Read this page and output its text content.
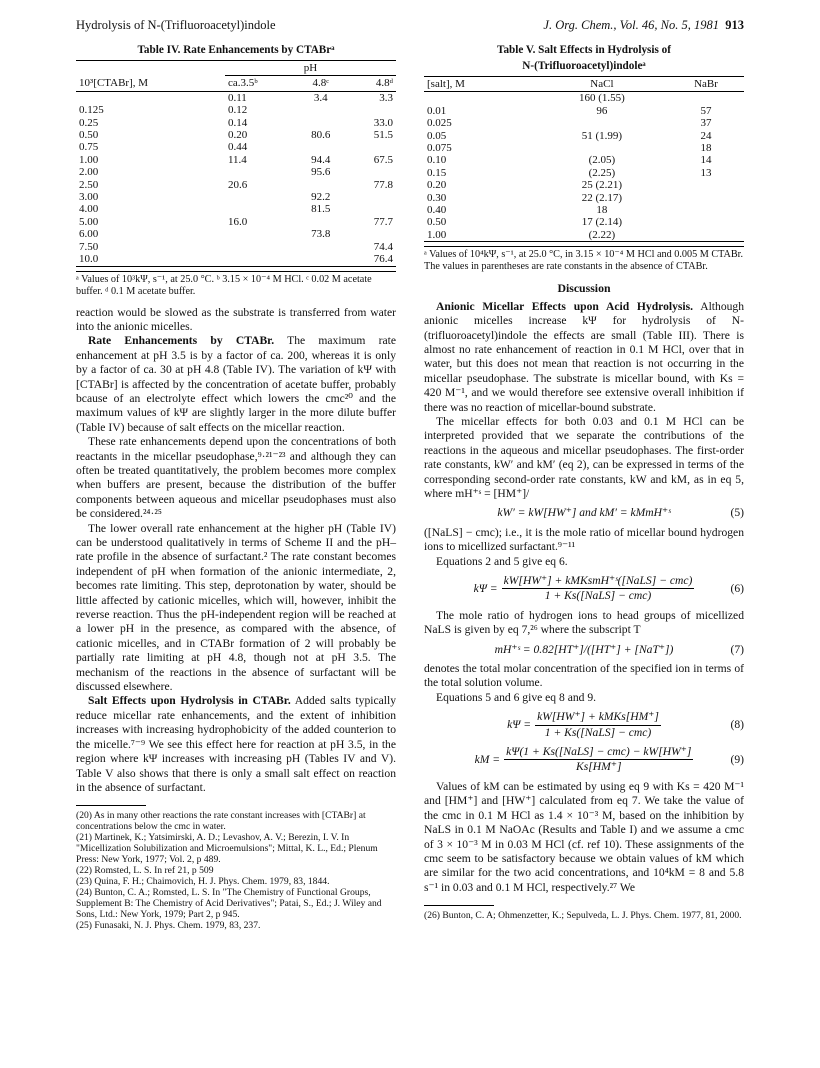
Hydrolysis of N-(Trifluoroacetyl)indole	J. Org. Chem., Vol. 46, No. 5, 1981 913
Table IV. Rate Enhancements by CTABrᵃ
	pH		
10³[CTABr], M	ca.3.5ᵇ	4.8ᶜ	4.8ᵈ
	0.11	3.4	3.3
0.125	0.12		
0.25	0.14		33.0
0.50	0.20	80.6	51.5
0.75	0.44		
1.00	11.4	94.4	67.5
2.00		95.6	
2.50	20.6		77.8
3.00		92.2	
4.00		81.5	
5.00	16.0		77.7
6.00		73.8	
7.50			74.4
10.0			76.4
ᵃ Values of 10³kΨ, s⁻¹, at 25.0 °C. ᵇ 3.15 × 10⁻⁴ M HCl. ᶜ 0.02 M acetate buffer. ᵈ 0.1 M acetate buffer.

reaction would be slowed as the substrate is transferred from water into the anionic micelles.

Rate Enhancements by CTABr. The maximum rate enhancement at pH 3.5 is by a factor of ca. 200, whereas it is only by a factor of ca. 30 at pH 4.8 (Table IV). The variation of kΨ with [CTABr] is affected by the concentration of acetate buffer, probably bcause of an electrolyte effect which lowers the cmc²⁰ and the maximum values of kΨ are slightly larger in the more dilute buffer (Table IV) because of salt effects on the micellar reaction.

These rate enhancements depend upon the concentrations of both reactants in the micellar pseudophase,⁹·²¹⁻²³ and although they can often be treated quantitatively, the problem becomes more complex when buffers are present, because the distribution of the buffer components between aqueous and micellar pseudophases must also be considered.²⁴·²⁵

The lower overall rate enhancement at the higher pH (Table IV) can be understood qualitatively in terms of Scheme II and the pH–rate profile in the absence of surfactant.² The rate constant becomes independent of pH when formation of the anionic intermediate, 2, becomes rate limiting. This step, deprotonation by water, should be little affected by cationic micelles, which will, however, inhibit the reverse reaction. Thus the pH-independent region will be reached at a lower pH in the presence, as compared with the absence, of cationic micelles, and in CTABr formation of 2 will probably be partially rate limiting at pH 4.8, though not at pH 3.5. The mechanism of the reactions in the absence of surfactant will be discussed elsewhere.

Salt Effects upon Hydrolysis in CTABr. Added salts typically reduce micellar rate enhancements, and the extent of inhibition increases with increasing hydrophobicity of the added counterion to the micelle.⁷⁻⁹ We see this effect here for reaction at pH 3.5, in the region where kΨ increases with increasing pH (Tables IV and V). Table V also shows that there is only a small salt effect on reaction in the absence of surfactant.

(20) As in many other reactions the rate constant increases with [CTABr] at concentrations below the cmc in water.

(21) Martinek, K.; Yatsimirski, A. D.; Levashov, A. V.; Berezin, I. V. In "Micellization Solubilization and Microemulsions"; Mittal, K. L., Ed.; Plenum Press: New York, 1977; Vol. 2, p 489.

(22) Romsted, L. S. In ref 21, p 509

(23) Quina, F. H.; Chaimovich, H. J. Phys. Chem. 1979, 83, 1844.

(24) Bunton, C. A.; Romsted, L. S. In "The Chemistry of Functional Groups, Supplement B: The Chemistry of Acid Derivatives"; Patai, S., Ed.; J. Wiley and Sons, Ltd.: New York, 1979; Part 2, p 945.

(25) Funasaki, N. J. Phys. Chem. 1979, 83, 237.

Table V. Salt Effects in Hydrolysis of
N-(Trifluoroacetyl)indoleᵃ
[salt], M	NaCl	NaBr
	160 (1.55)	
0.01	96	57
0.025		37
0.05	51 (1.99)	24
0.075		18
0.10	(2.05)	14
0.15	(2.25)	13
0.20	25 (2.21)	
0.30	22 (2.17)	
0.40	18	
0.50	17 (2.14)	
1.00	(2.22)	
ᵃ Values of 10⁴kΨ, s⁻¹, at 25.0 °C, in 3.15 × 10⁻⁴ M HCl and 0.005 M CTABr. The values in parentheses are rate constants in the absence of CTABr.
Discussion

Anionic Micellar Effects upon Acid Hydrolysis. Although anionic micelles increase kΨ for hydrolysis of N-(trifluoroacetyl)indole the effects are small (Table III). There is almost no rate enhancement of reaction in 0.1 M HCl, over that in water, but this does not mean that reaction is not occurring in the micellar pseudophase. The substrate is micellar bound, with Ks = 420 M⁻¹, and we would therefore see extensive overall inhibition if there was no reaction of micellar-bound substrate.

The micellar effects for both 0.03 and 0.1 M HCl can be interpreted provided that we separate the contributions of the reactions in the aqueous and micellar pseudophases. The first-order rate constants, kW′ and kM′ (eq 2), can be expressed in terms of the corresponding second-order rate constants, kW and kM, as in eq 5, where mH⁺ˢ = [HM⁺]/

kW′ = kW[HW⁺] and kM′ = kMmH⁺ˢ	(5)

([NaLS] − cmc); i.e., it is the mole ratio of micellar bound hydrogen ions to micellized surfactant.⁹⁻¹¹

Equations 2 and 5 give eq 6.

$k\Psi = \frac{\text{kW[HW⁺] + kMKsmH⁺ˢ([NaLS] − cmc)}}{\text{1 + Ks([NaLS] − cmc)}}$	(6)

The mole ratio of hydrogen ions to head groups of micellized NaLS is given by eq 7,²⁶ where the subscript T

mH⁺ˢ = 0.82[HT⁺]/([HT⁺] + [NaT⁺])	(7)

denotes the total molar concentration of the specified ion in terms of the total solution volume.

Equations 5 and 6 give eq 8 and 9.

$k\Psi = \frac{\text{kW[HW⁺] + kMKs[HM⁺]}}{\text{1 + Ks([NaLS] − cmc)}}$	(8)
kM = $\frac{\text{kΨ(1 + Ks([NaLS] − cmc) − kW[HW⁺]}}{Ks[HM^+]}$	(9)

Values of kM can be estimated by using eq 9 with Ks = 420 M⁻¹ and [HM⁺] and [HW⁺] calculated from eq 7. We take the value of the cmc in 0.1 M HCl as 1.4 × 10⁻³ M, based on the inhibition by NaLS in 0.1 M NaOAc (Results and Table I) and we assume a cmc of 3 × 10⁻³ M in 0.03 M HCl (cf. ref 10). These assignments of the cmc seem to be satisfactory because we obtain values of kM which are similar for the two acid concentrations, and 10⁴kM = 8 and 5.8 s⁻¹ in 0.03 and 0.1 M HCl, respectively.²⁷ We

(26) Bunton, C. A; Ohmenzetter, K.; Sepulveda, L. J. Phys. Chem. 1977, 81, 2000.
